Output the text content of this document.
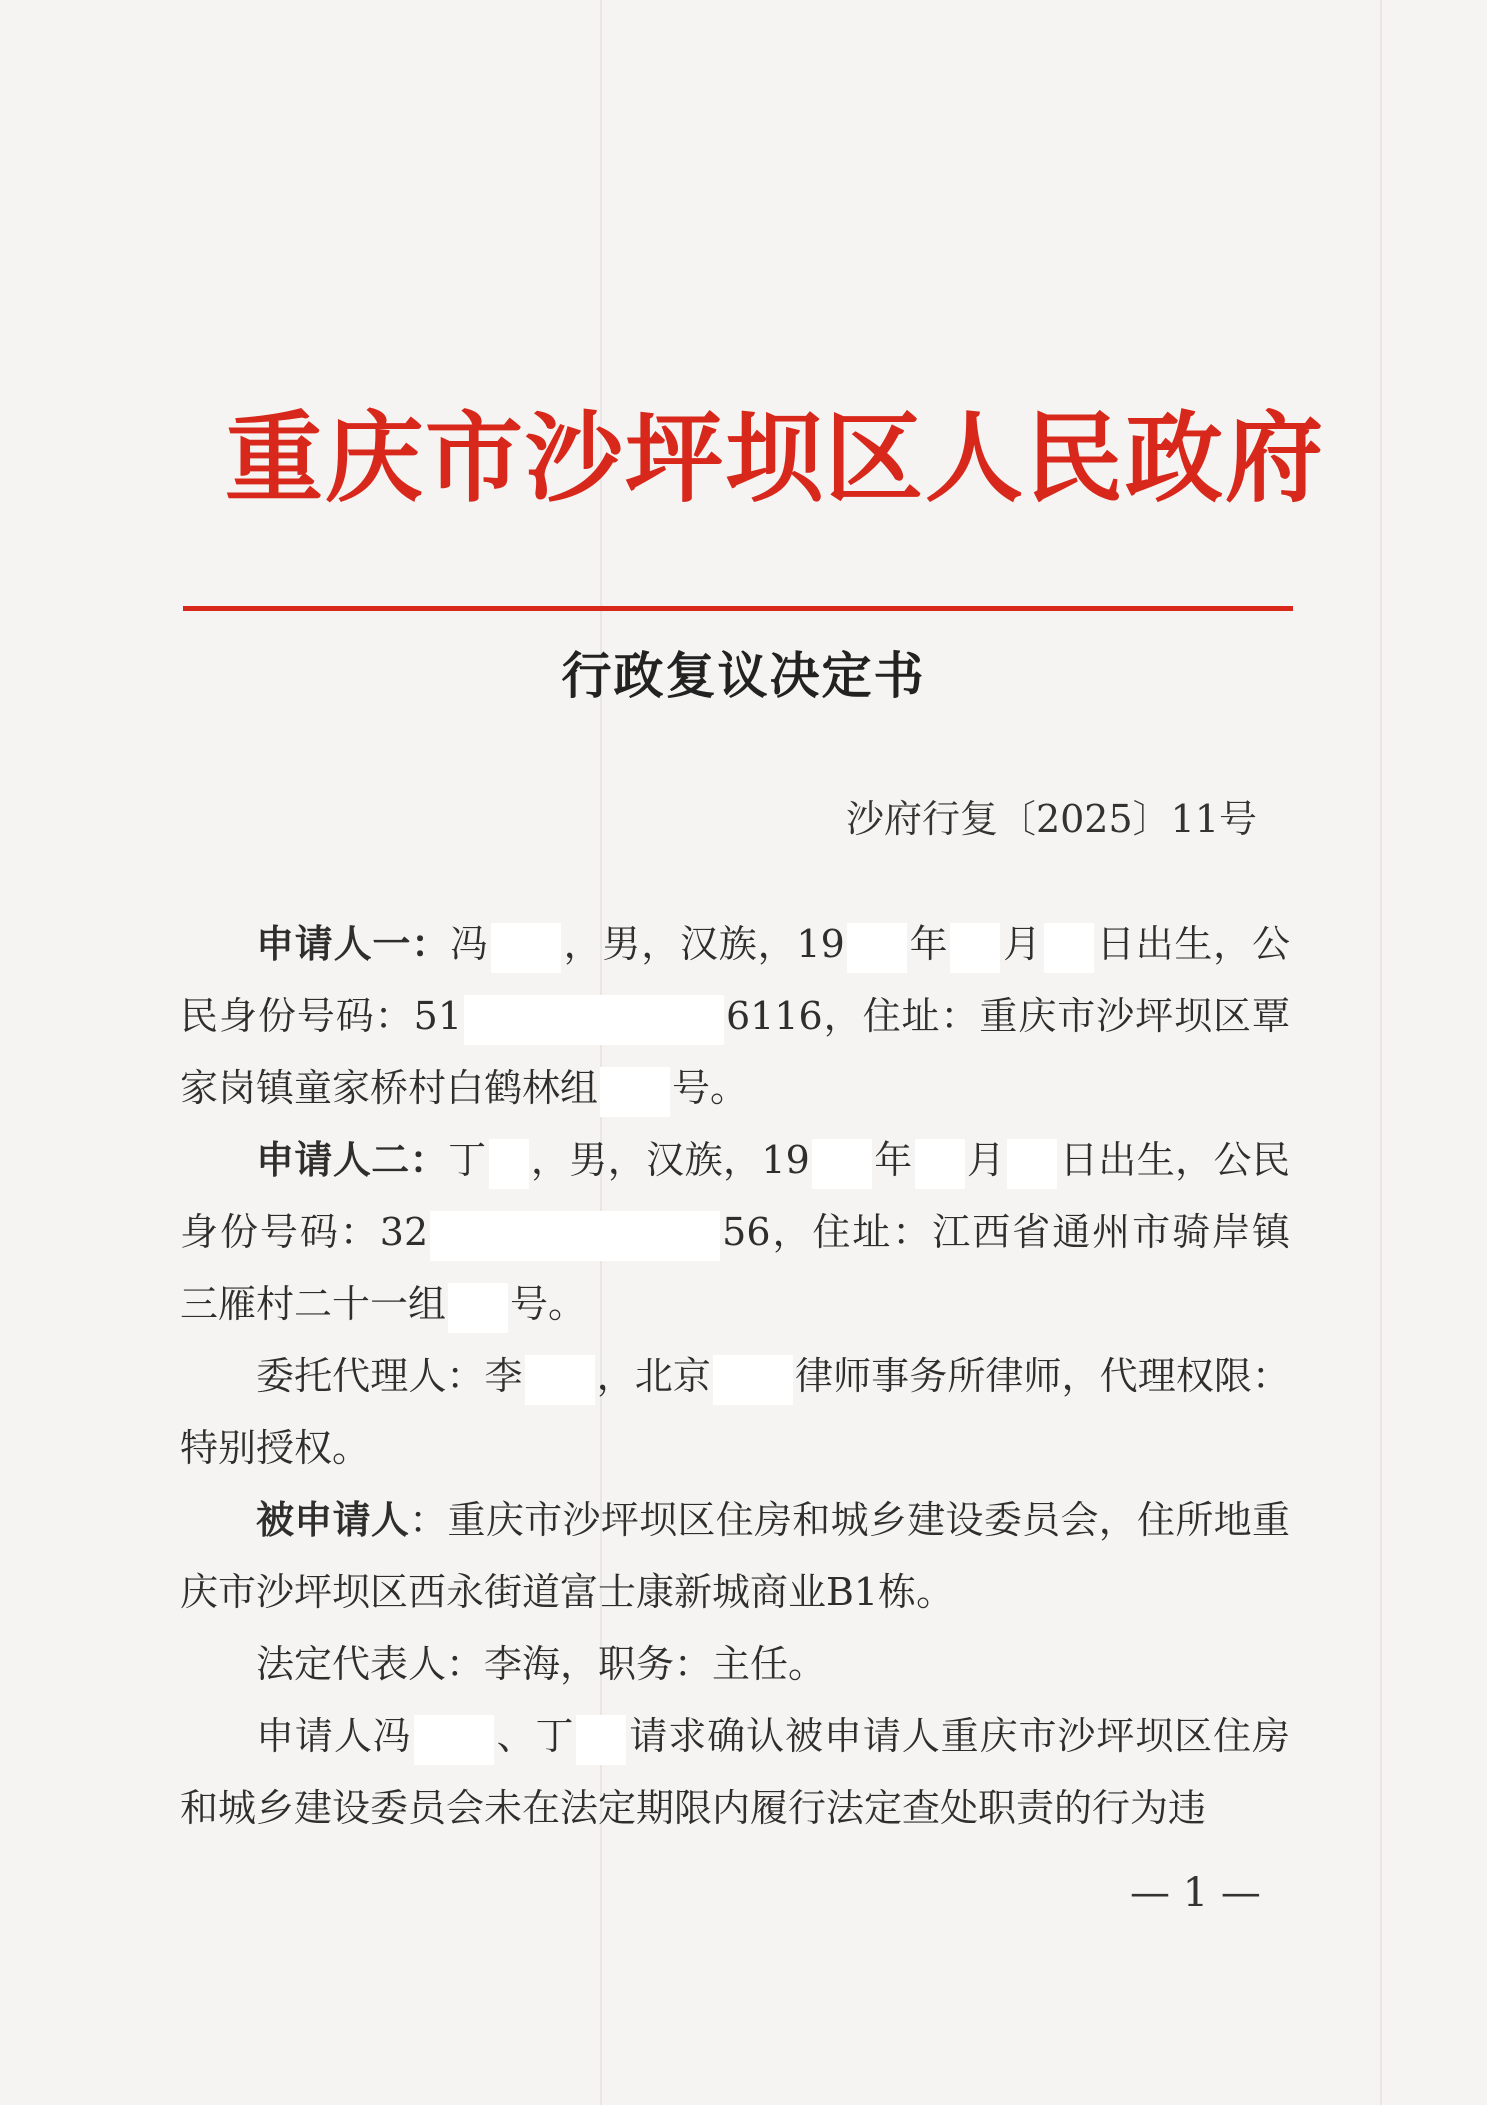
重庆市沙坪坝区人民政府
行政复议决定书
沙府行复〔2025〕11号
申请人一：冯 ，男，汉族，19 年 月 日出生，公民身份号码：51	6116，住址：重庆市沙坪坝区覃家岗镇童家桥村白鹤林组 号。
申请人二：丁 ，男，汉族，19 年 月 日出生，公民身份号码：32	56，住址：江西省通州市骑岸镇三雁村二十一组 号。
委托代理人：李 ，北京 律师事务所律师，代理权限：特别授权。
被申请人：重庆市沙坪坝区住房和城乡建设委员会，住所地重庆市沙坪坝区西永街道富士康新城商业B1栋。
法定代表人：李海，职务：主任。
申请人冯 、丁 请求确认被申请人重庆市沙坪坝区住房和城乡建设委员会未在法定期限内履行法定查处职责的行为违
— 1 —
